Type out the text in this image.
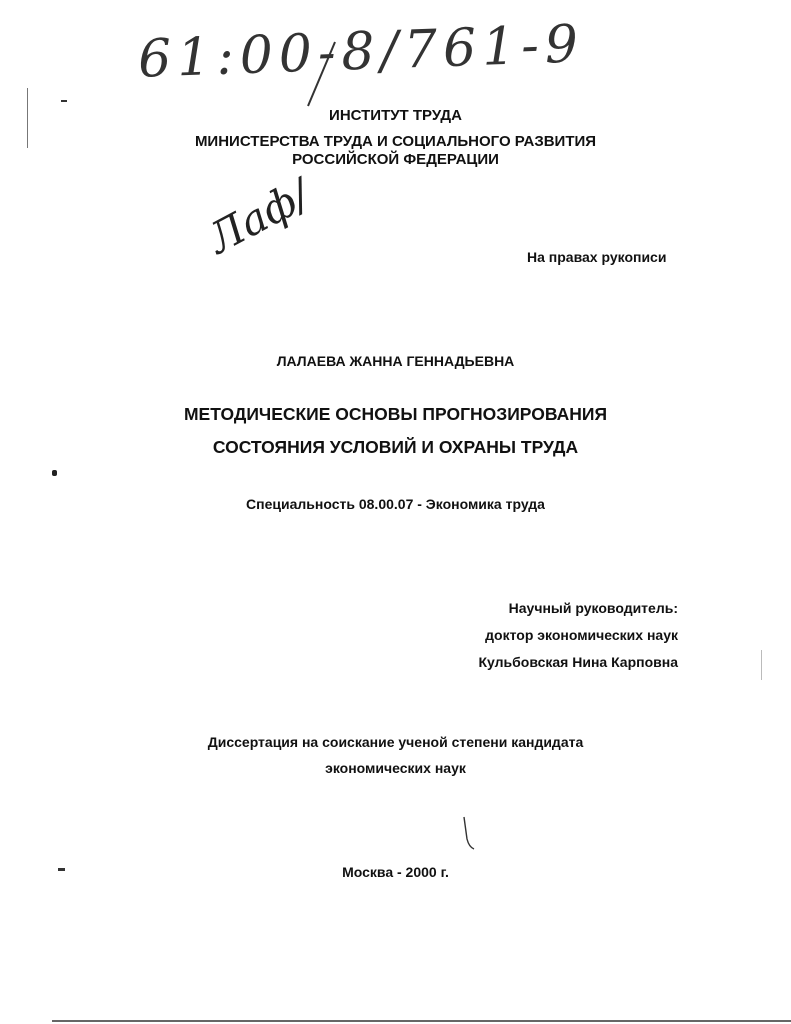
61:00-8/761-9
ИНСТИТУТ ТРУДА
МИНИСТЕРСТВА ТРУДА И СОЦИАЛЬНОГО РАЗВИТИЯ
РОССИЙСКОЙ ФЕДЕРАЦИИ
Лаф/	На правах рукописи
ЛАЛАЕВА ЖАННА ГЕННАДЬЕВНА
МЕТОДИЧЕСКИЕ ОСНОВЫ ПРОГНОЗИРОВАНИЯ
СОСТОЯНИЯ УСЛОВИЙ И ОХРАНЫ ТРУДА
Специальность 08.00.07 - Экономика труда
Научный руководитель:
доктор экономических наук
Кульбовская Нина Карповна
Диссертация на соискание ученой степени кандидата
экономических наук
Москва - 2000 г.
